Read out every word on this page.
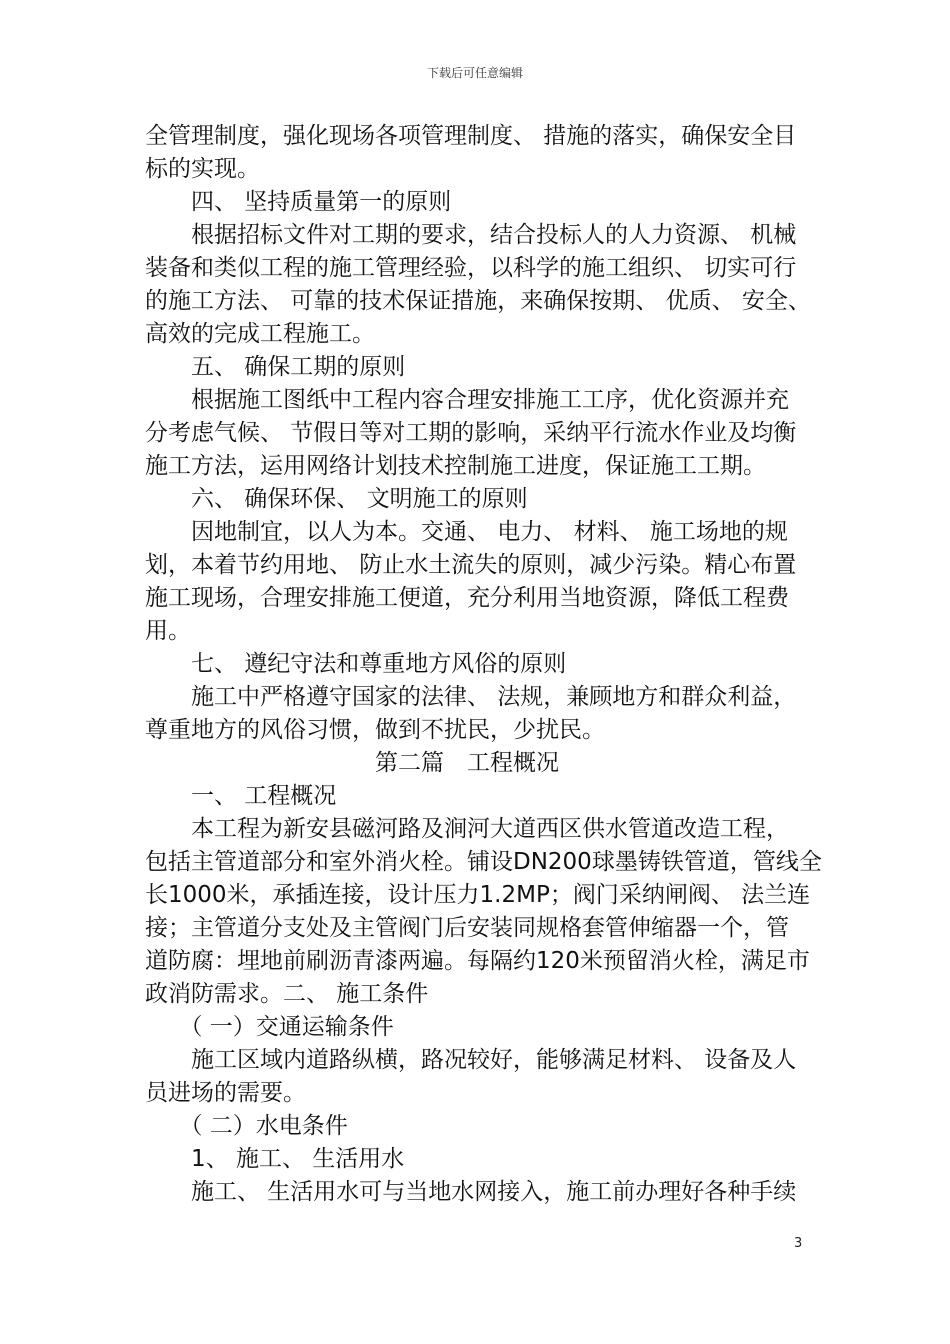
下载后可任意编辑
全管理制度，强化现场各项管理制度、 措施的落实，确保安全目
标的实现。
　　四、 坚持质量第一的原则
　　根据招标文件对工期的要求，结合投标人的人力资源、 机械
装备和类似工程的施工管理经验，以科学的施工组织、 切实可行
的施工方法、 可靠的技术保证措施，来确保按期、 优质、 安全、
高效的完成工程施工。
　　五、 确保工期的原则
　　根据施工图纸中工程内容合理安排施工工序，优化资源并充
分考虑气候、 节假日等对工期的影响，采纳平行流水作业及均衡
施工方法，运用网络计划技术控制施工进度，保证施工工期。
　　六、 确保环保、 文明施工的原则
　　因地制宜，以人为本。交通、 电力、 材料、 施工场地的规
划，本着节约用地、 防止水土流失的原则，减少污染。精心布置
施工现场，合理安排施工便道，充分利用当地资源，降低工程费
用。
　　七、 遵纪守法和尊重地方风俗的原则
　　施工中严格遵守国家的法律、 法规，兼顾地方和群众利益，
尊重地方的风俗习惯，做到不扰民，少扰民。
　　　　　　　　　　第二篇　工程概况
　　一、 工程概况
　　本工程为新安县磁河路及涧河大道西区供水管道改造工程，
包括主管道部分和室外消火栓。铺设DN200球墨铸铁管道，管线全
长1000米，承插连接，设计压力1.2MP；阀门采纳闸阀、 法兰连
接；主管道分支处及主管阀门后安装同规格套管伸缩器一个，管
道防腐：埋地前刷沥青漆两遍。每隔约120米预留消火栓，满足市
政消防需求。二、 施工条件
　　（ 一）交通运输条件
　　施工区域内道路纵横，路况较好，能够满足材料、 设备及人
员进场的需要。
　　（ 二）水电条件
　　1、 施工、 生活用水
　　施工、 生活用水可与当地水网接入，施工前办理好各种手续
3
